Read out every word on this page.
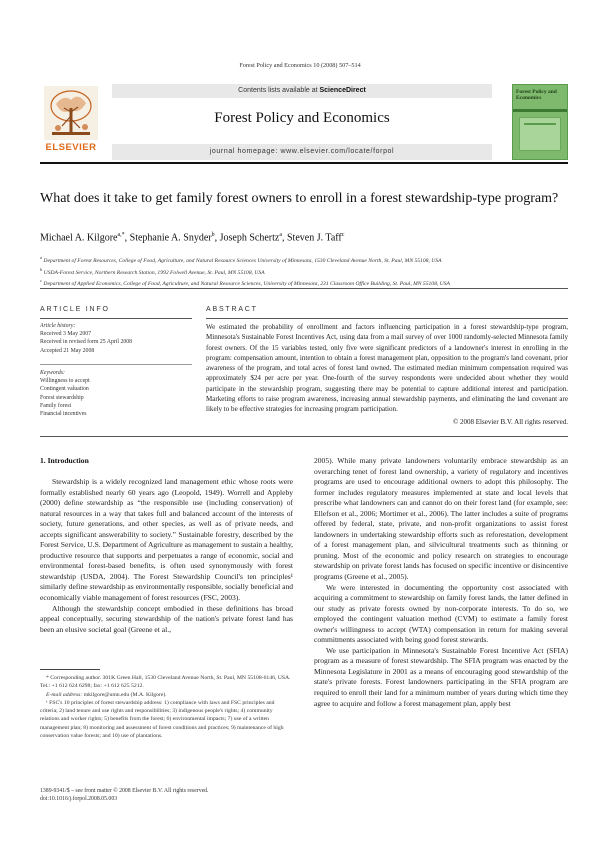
Forest Policy and Economics 10 (2008) 507–514
ELSEVIER
Contents lists available at ScienceDirect
Forest Policy and Economics
journal homepage: www.elsevier.com/locate/forpol
Forest Policy and Economics
What does it take to get family forest owners to enroll in a forest stewardship-type program?
Michael A. Kilgore$^{a,*}$, Stephanie A. Snyder$^b$, Joseph Schertz$^a$, Steven J. Taff$^c$
$^a$ Department of Forest Resources, College of Food, Agriculture, and Natural Resource Sciences University of Minnesota, 1530 Cleveland Avenue North, St. Paul, MN 55108, USA
$^b$ USDA-Forest Service, Northern Research Station, 1992 Folwell Avenue, St. Paul, MN 55108, USA
$^c$ Department of Applied Economics, College of Food, Agriculture, and Natural Resource Sciences, University of Minnesota, 231 Classroom Office Building, St. Paul, MN 55108, USA
ARTICLE INFO	ABSTRACT
Article history:
Received 3 May 2007
Received in revised form 25 April 2008
Accepted 21 May 2008
Keywords:
Willingness to accept
Contingent valuation
Forest stewardship
Family forest
Financial incentives
We estimated the probability of enrollment and factors influencing participation in a forest stewardship-type program, Minnesota's Sustainable Forest Incentives Act, using data from a mail survey of over 1000 randomly-selected Minnesota family forest owners. Of the 15 variables tested, only five were significant predictors of a landowner's interest in enrolling in the program: compensation amount, intention to obtain a forest management plan, opposition to the program's land covenant, prior awareness of the program, and total acres of forest land owned. The estimated median minimum compensation required was approximately $24 per acre per year. One-fourth of the survey respondents were undecided about whether they would participate in the stewardship program, suggesting there may be potential to capture additional interest and participation. Marketing efforts to raise program awareness, increasing annual stewardship payments, and eliminating the land covenant are likely to be effective strategies for increasing program participation.
© 2008 Elsevier B.V. All rights reserved.
1. Introduction

Stewardship is a widely recognized land management ethic whose roots were formally established nearly 60 years ago (Leopold, 1949). Worrell and Appleby (2000) define stewardship as “the responsible use (including conservation) of natural resources in a way that takes full and balanced account of the interests of society, future generations, and other species, as well as of private needs, and accepts significant answerability to society.” Sustainable forestry, described by the Forest Service, U.S. Department of Agriculture as management to sustain a healthy, productive resource that supports and perpetuates a range of economic, social and environmental forest-based benefits, is often used synonymously with forest stewardship (USDA, 2004). The Forest Stewardship Council's ten principles¹ similarly define stewardship as environmentally responsible, socially beneficial and economically viable management of forest resources (FSC, 2003).

Although the stewardship concept embodied in these definitions has broad appeal conceptually, securing stewardship of the nation's private forest land has been an elusive societal goal (Greene et al.,

2005). While many private landowners voluntarily embrace stewardship as an overarching tenet of forest land ownership, a variety of regulatory and incentives programs are used to encourage additional owners to adopt this philosophy. The former includes regulatory measures implemented at state and local levels that prescribe what landowners can and cannot do on their forest land (for example, see: Ellefson et al., 2006; Mortimer et al., 2006). The latter includes a suite of programs offered by federal, state, private, and non-profit organizations to assist forest landowners in undertaking stewardship efforts such as reforestation, development of a forest management plan, and silvicultural treatments such as thinning or pruning. Most of the economic and policy research on strategies to encourage stewardship on private forest lands has focused on specific incentive or disincentive programs (Greene et al., 2005).

We were interested in documenting the opportunity cost associated with acquiring a commitment to stewardship on family forest lands, the latter defined in our study as private forests owned by non-corporate interests. To do so, we employed the contingent valuation method (CVM) to estimate a family forest owner's willingness to accept (WTA) compensation in return for making several commitments associated with being good forest stewards.

We use participation in Minnesota's Sustainable Forest Incentive Act (SFIA) program as a measure of forest stewardship. The SFIA program was enacted by the Minnesota Legislature in 2001 as a means of encouraging good stewardship of the state's private forests. Forest landowners participating in the SFIA program are required to enroll their land for a minimum number of years during which time they agree to acquire and follow a forest management plan, apply best

* Corresponding author. 301K Green Hall, 1530 Cleveland Avenue North, St. Paul, MN 55108-6146, USA. Tel.: +1 612 624 6298; fax: +1 612 625 5212.

E-mail address: mkilgore@umn.edu (M.A. Kilgore).

¹ FSC's 10 principles of forest stewardship address: 1) compliance with laws and FSC principles and criteria; 2) land tenure and use rights and responsibilities; 3) indigenous people's rights; 4) community relations and worker rights; 5) benefits from the forest; 6) environmental impacts; 7) use of a written management plan; 8) monitoring and assessment of forest conditions and practices; 9) maintenance of high conservation value forests; and 10) use of plantations.

1389-9341/$ – see front matter © 2008 Elsevier B.V. All rights reserved.
doi:10.1016/j.forpol.2008.05.003
